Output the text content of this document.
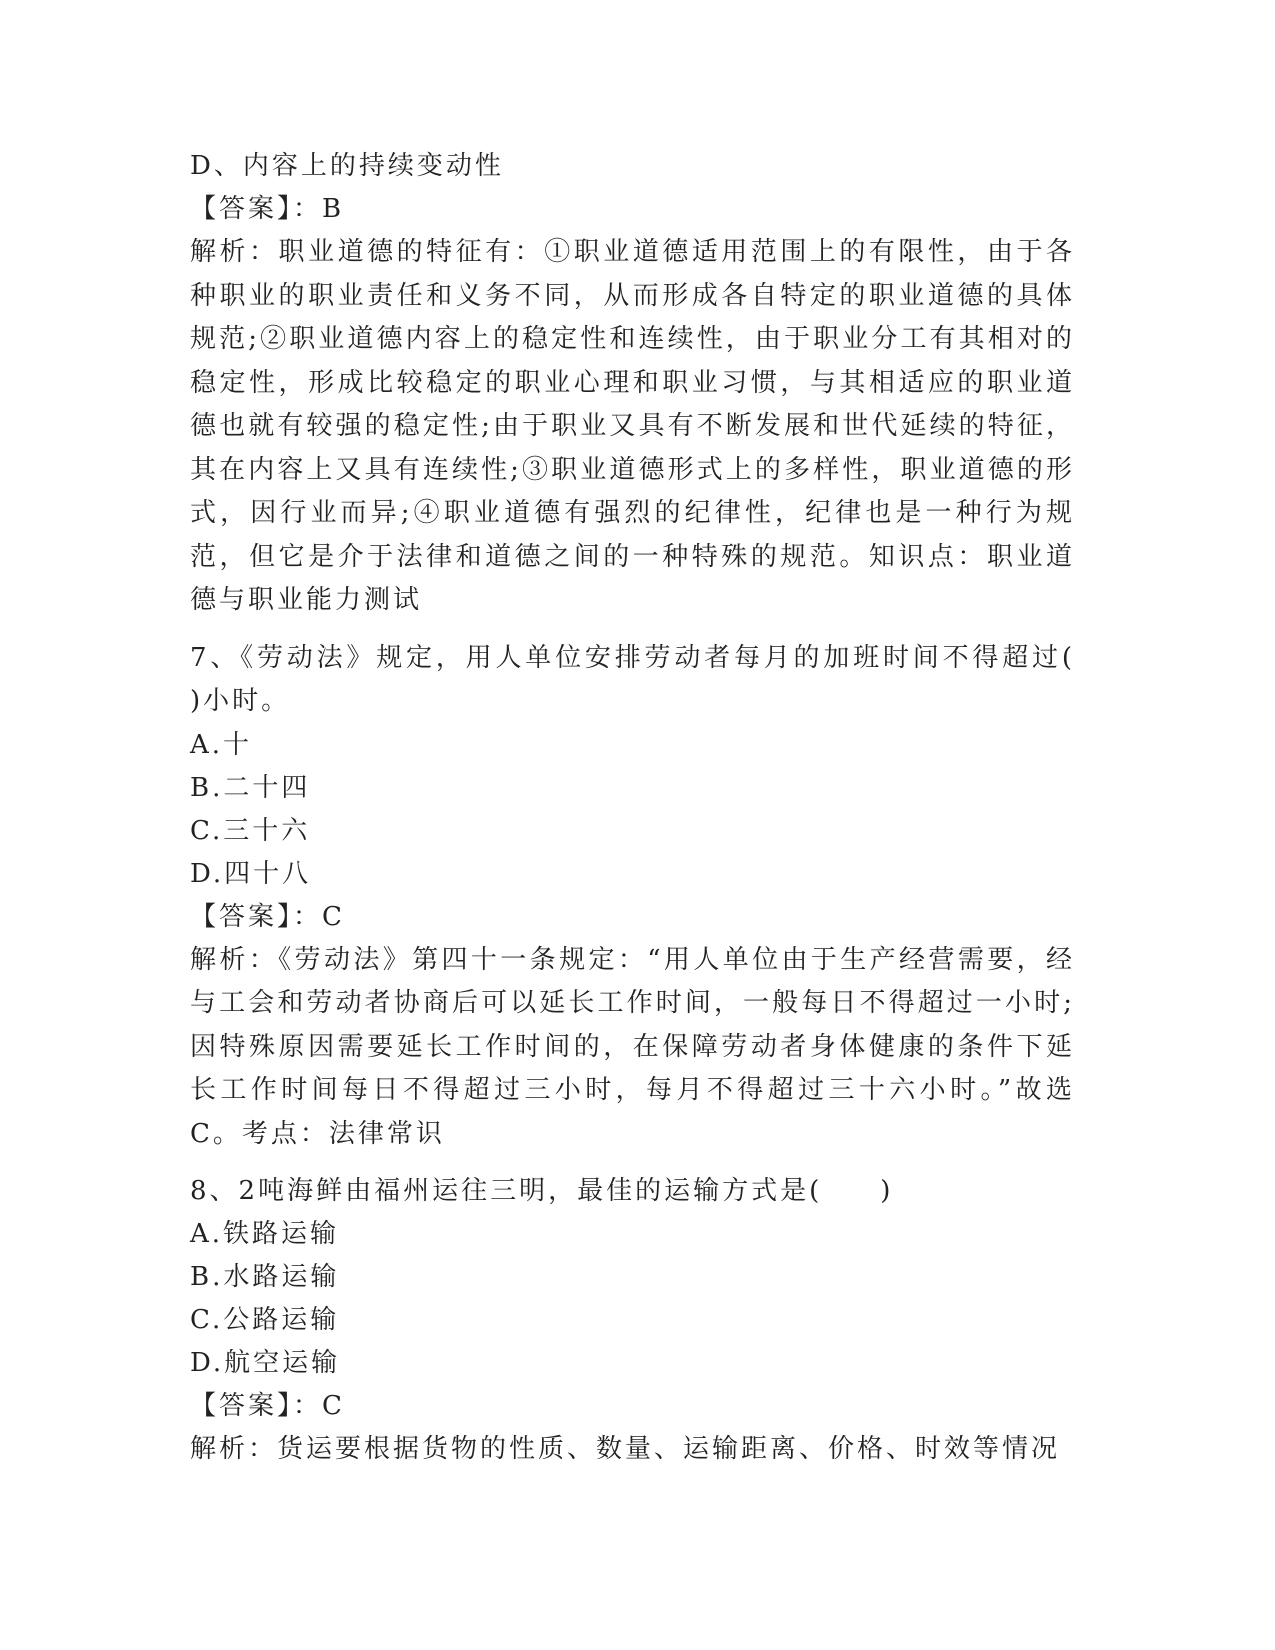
D、内容上的持续变动性
【答案】：B
解析：职业道德的特征有：①职业道德适用范围上的有限性，由于各种职业的职业责任和义务不同，从而形成各自特定的职业道德的具体规范;②职业道德内容上的稳定性和连续性，由于职业分工有其相对的稳定性，形成比较稳定的职业心理和职业习惯，与其相适应的职业道德也就有较强的稳定性;由于职业又具有不断发展和世代延续的特征，其在内容上又具有连续性;③职业道德形式上的多样性，职业道德的形式，因行业而异;④职业道德有强烈的纪律性，纪律也是一种行为规范，但它是介于法律和道德之间的一种特殊的规范。知识点：职业道德与职业能力测试
7、《劳动法》规定，用人单位安排劳动者每月的加班时间不得超过( )小时。
A.十
B.二十四
C.三十六
D.四十八
【答案】：C
解析：《劳动法》第四十一条规定：“用人单位由于生产经营需要，经与工会和劳动者协商后可以延长工作时间，一般每日不得超过一小时;因特殊原因需要延长工作时间的，在保障劳动者身体健康的条件下延长工作时间每日不得超过三小时，每月不得超过三十六小时。”故选C。考点：法律常识
8、2吨海鲜由福州运往三明，最佳的运输方式是(　　)
A.铁路运输
B.水路运输
C.公路运输
D.航空运输
【答案】：C
解析：货运要根据货物的性质、数量、运输距离、价格、时效等情况
